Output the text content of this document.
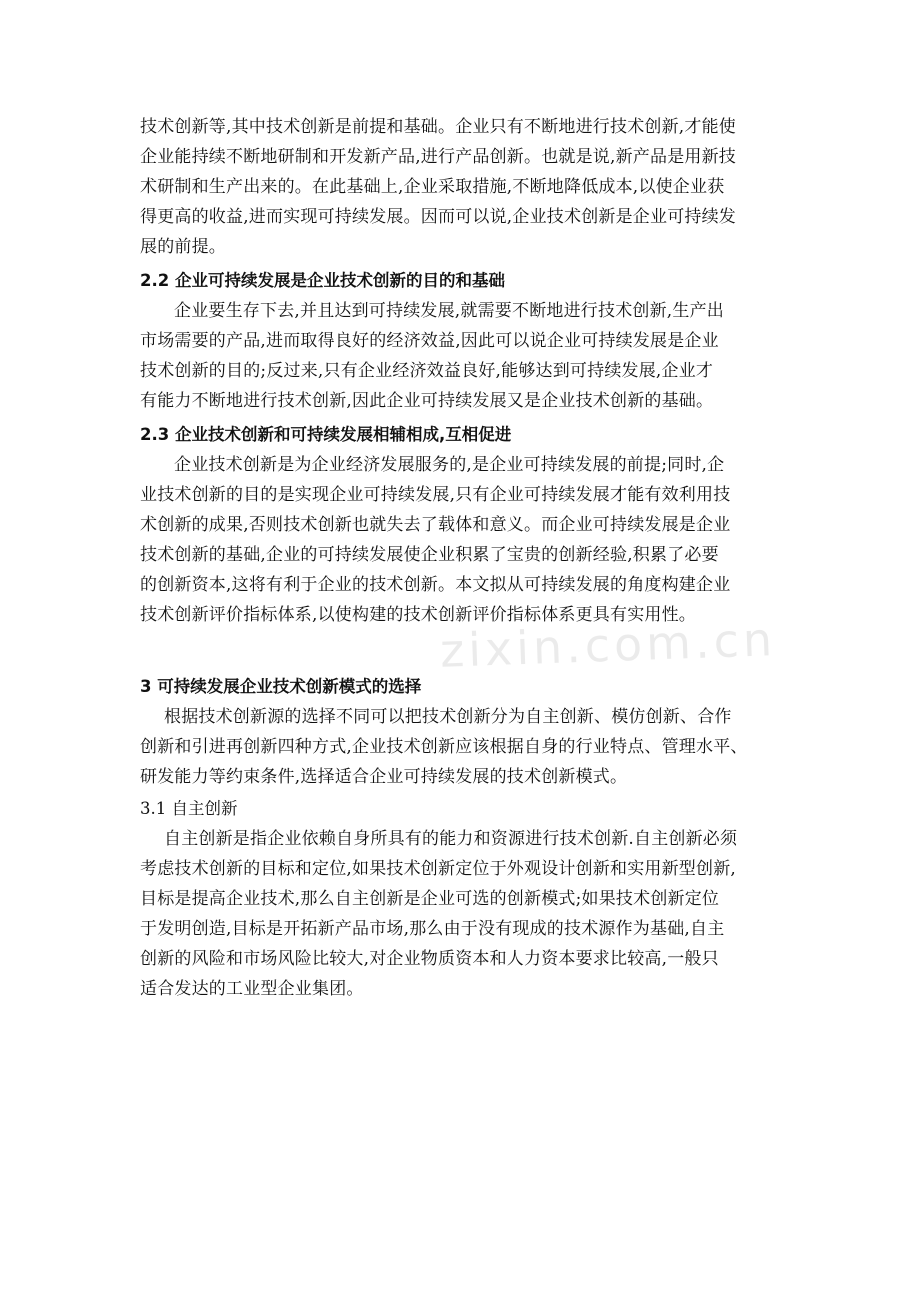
技术创新等,其中技术创新是前提和基础。企业只有不断地进行技术创新,才能使
企业能持续不断地研制和开发新产品,进行产品创新。也就是说,新产品是用新技
术研制和生产出来的。在此基础上,企业采取措施,不断地降低成本,以使企业获
得更高的收益,进而实现可持续发展。因而可以说,企业技术创新是企业可持续发
展的前提。
2.2 企业可持续发展是企业技术创新的目的和基础
企业要生存下去,并且达到可持续发展,就需要不断地进行技术创新,生产出
市场需要的产品,进而取得良好的经济效益,因此可以说企业可持续发展是企业
技术创新的目的;反过来,只有企业经济效益良好,能够达到可持续发展,企业才
有能力不断地进行技术创新,因此企业可持续发展又是企业技术创新的基础。
2.3 企业技术创新和可持续发展相辅相成,互相促进
企业技术创新是为企业经济发展服务的,是企业可持续发展的前提;同时,企
业技术创新的目的是实现企业可持续发展,只有企业可持续发展才能有效利用技
术创新的成果,否则技术创新也就失去了载体和意义。而企业可持续发展是企业
技术创新的基础,企业的可持续发展使企业积累了宝贵的创新经验,积累了必要
的创新资本,这将有利于企业的技术创新。本文拟从可持续发展的角度构建企业
技术创新评价指标体系,以使构建的技术创新评价指标体系更具有实用性。
3 可持续发展企业技术创新模式的选择
根据技术创新源的选择不同可以把技术创新分为自主创新、模仿创新、合作
创新和引进再创新四种方式,企业技术创新应该根据自身的行业特点、管理水平、
研发能力等约束条件,选择适合企业可持续发展的技术创新模式。
3.1 自主创新
自主创新是指企业依赖自身所具有的能力和资源进行技术创新.自主创新必须
考虑技术创新的目标和定位,如果技术创新定位于外观设计创新和实用新型创新,
目标是提高企业技术,那么自主创新是企业可选的创新模式;如果技术创新定位
于发明创造,目标是开拓新产品市场,那么由于没有现成的技术源作为基础,自主
创新的风险和市场风险比较大,对企业物质资本和人力资本要求比较高,一般只
适合发达的工业型企业集团。
zixin.com.cn
